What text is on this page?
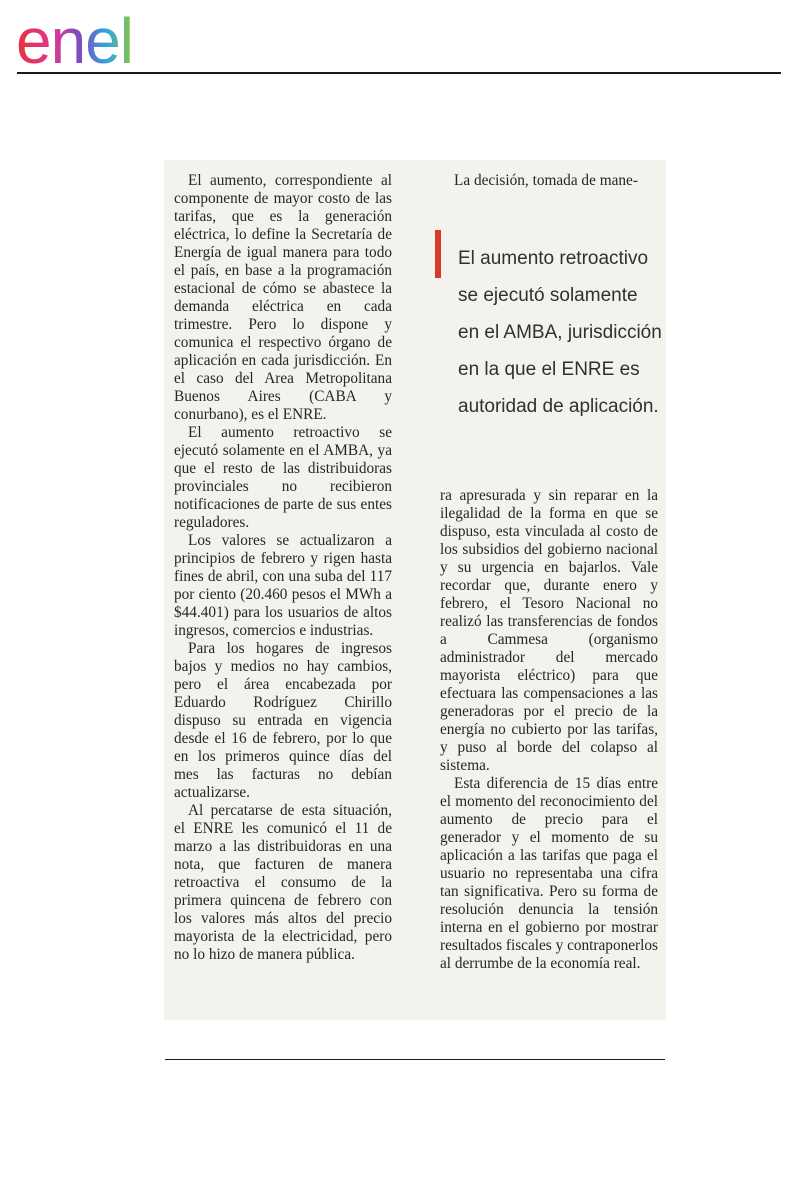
enel

El aumento, correspondiente al componente de mayor costo de las tarifas, que es la generación eléctrica, lo define la Secretaría de Energía de igual manera para todo el país, en base a la programación estacional de cómo se abastece la demanda eléctrica en cada trimestre. Pero lo dispone y comunica el respectivo órgano de aplicación en cada jurisdicción. En el caso del Area Metropolitana Buenos Aires (CABA y conurbano), es el ENRE.

El aumento retroactivo se ejecutó solamente en el AMBA, ya que el resto de las distribuidoras provinciales no recibieron notificaciones de parte de sus entes reguladores.

Los valores se actualizaron a principios de febrero y rigen hasta fines de abril, con una suba del 117 por ciento (20.460 pesos el MWh a $44.401) para los usuarios de altos ingresos, comercios e industrias.

Para los hogares de ingresos bajos y medios no hay cambios, pero el área encabezada por Eduardo Rodríguez Chirillo dispuso su entrada en vigencia desde el 16 de febrero, por lo que en los primeros quince días del mes las facturas no debían actualizarse.

Al percatarse de esta situación, el ENRE les comunicó el 11 de marzo a las distribuidoras en una nota, que facturen de manera retroactiva el consumo de la primera quincena de febrero con los valores más altos del precio mayorista de la electricidad, pero no lo hizo de manera pública.

La decisión, tomada de mane-
El aumento retroactivo se ejecutó solamente en el AMBA, jurisdicción en la que el ENRE es autoridad de aplicación.

ra apresurada y sin reparar en la ilegalidad de la forma en que se dispuso, esta vinculada al costo de los subsidios del gobierno nacional y su urgencia en bajarlos. Vale recordar que, durante enero y febrero, el Tesoro Nacional no realizó las transferencias de fondos a Cammesa (organismo administrador del mercado mayorista eléctrico) para que efectuara las compensaciones a las generadoras por el precio de la energía no cubierto por las tarifas, y puso al borde del colapso al sistema.

Esta diferencia de 15 días entre el momento del reconocimiento del aumento de precio para el generador y el momento de su aplicación a las tarifas que paga el usuario no representaba una cifra tan significativa. Pero su forma de resolución denuncia la tensión interna en el gobierno por mostrar resultados fiscales y contraponerlos al derrumbe de la economía real.
